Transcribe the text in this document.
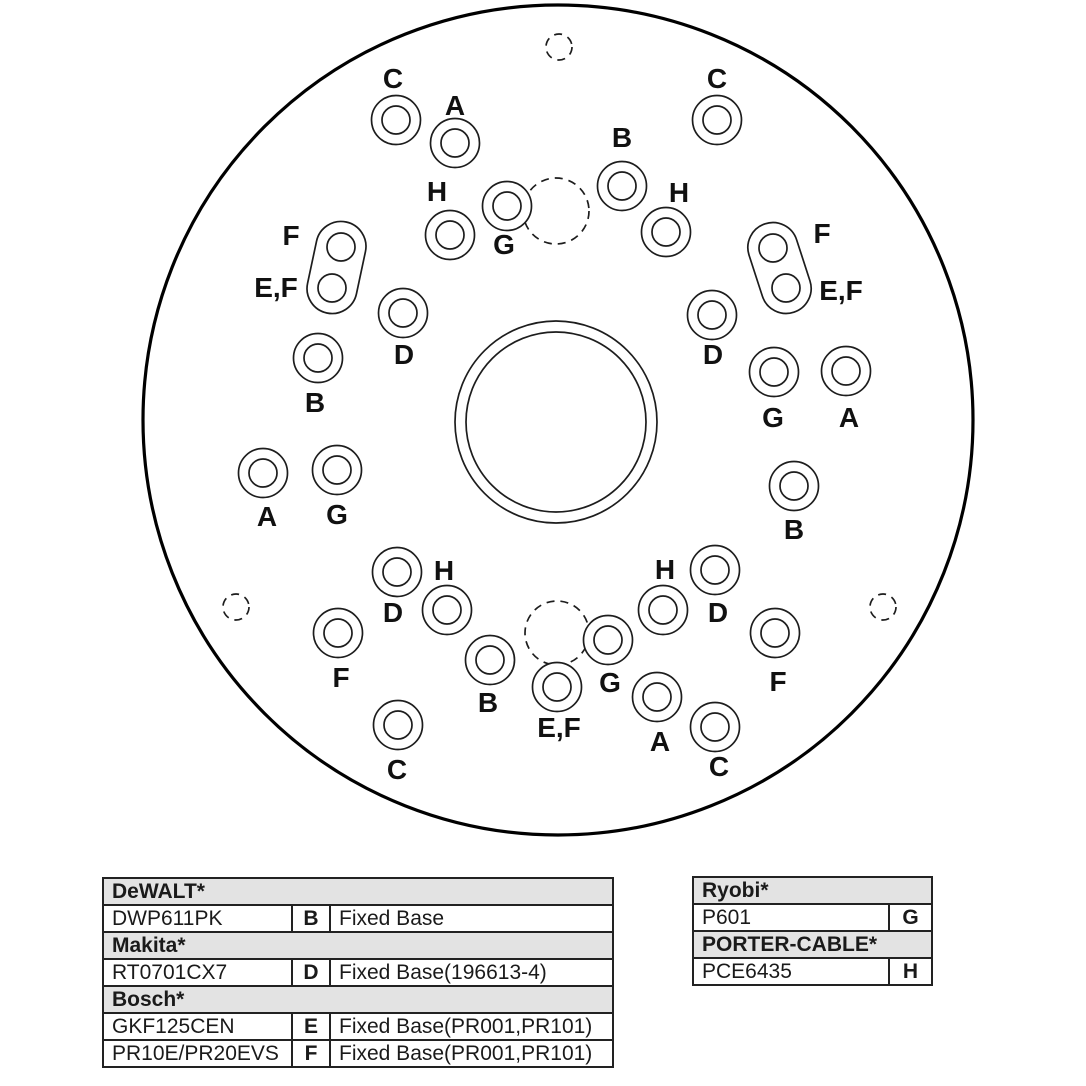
F
E,F
F
E,F
C
A
B
C
H
G
H
D
B
A G
D
G A
B
D
H
F
B
C
E,F
G
H
D
F
A
C
DeWALT*		
DWP611PK	B	Fixed Base
Makita*		
RT0701CX7	D	Fixed Base(196613-4)
Bosch*		
GKF125CEN	E	Fixed Base(PR001,PR101)
PR10E/PR20EVS	F	Fixed Base(PR001,PR101)
Ryobi*	
P601	G
PORTER-CABLE*	
PCE6435	H
